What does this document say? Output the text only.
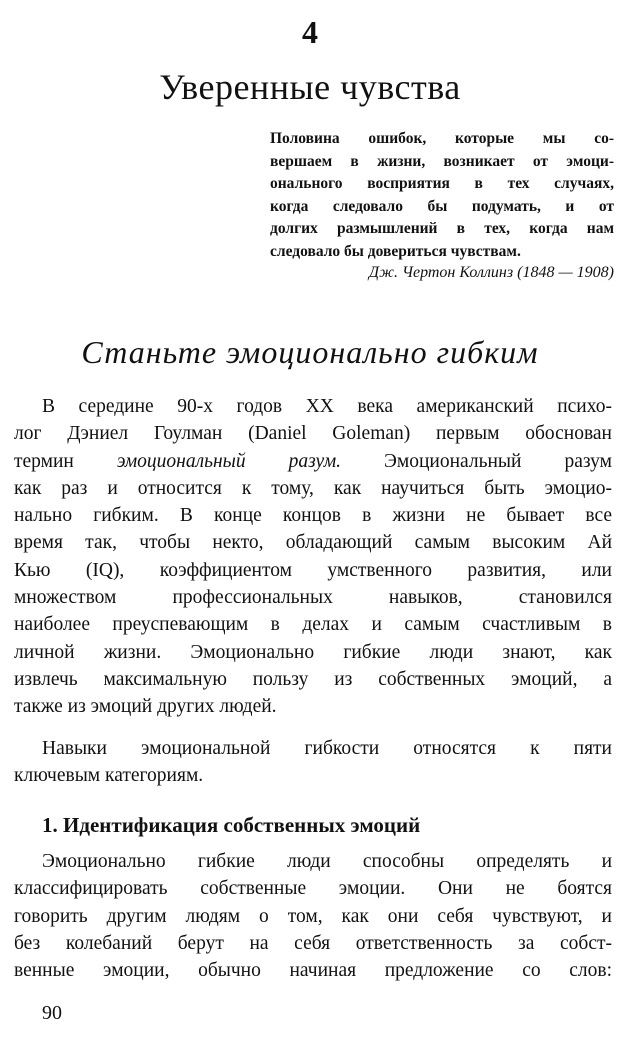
4
Уверенные чувства
Половина ошибок, которые мы со-
вершаем в жизни, возникает от эмоци-
онального восприятия в тех случаях,
когда следовало бы подумать, и от
долгих размышлений в тех, когда нам
следовало бы довериться чувствам.
Дж. Чертон Коллинз (1848 — 1908)
Станьте эмоционально гибким
В середине 90-х годов XX века американский психо-
лог Дэниел Гоулман (Daniel Goleman) первым обоснован
термин эмоциональный разум. Эмоциональный разум
как раз и относится к тому, как научиться быть эмоцио-
нально гибким. В конце концов в жизни не бывает все
время так, чтобы некто, обладающий самым высоким Ай
Кью (IQ), коэффициентом умственного развития, или
множеством профессиональных навыков, становился
наиболее преуспевающим в делах и самым счастливым в
личной жизни. Эмоционально гибкие люди знают, как
извлечь максимальную пользу из собственных эмоций, а
также из эмоций других людей.
Навыки эмоциональной гибкости относятся к пяти
ключевым категориям.
1. Идентификация собственных эмоций
Эмоционально гибкие люди способны определять и
классифицировать собственные эмоции. Они не боятся
говорить другим людям о том, как они себя чувствуют, и
без колебаний берут на себя ответственность за собст-
венные эмоции, обычно начиная предложение со слов:
90
